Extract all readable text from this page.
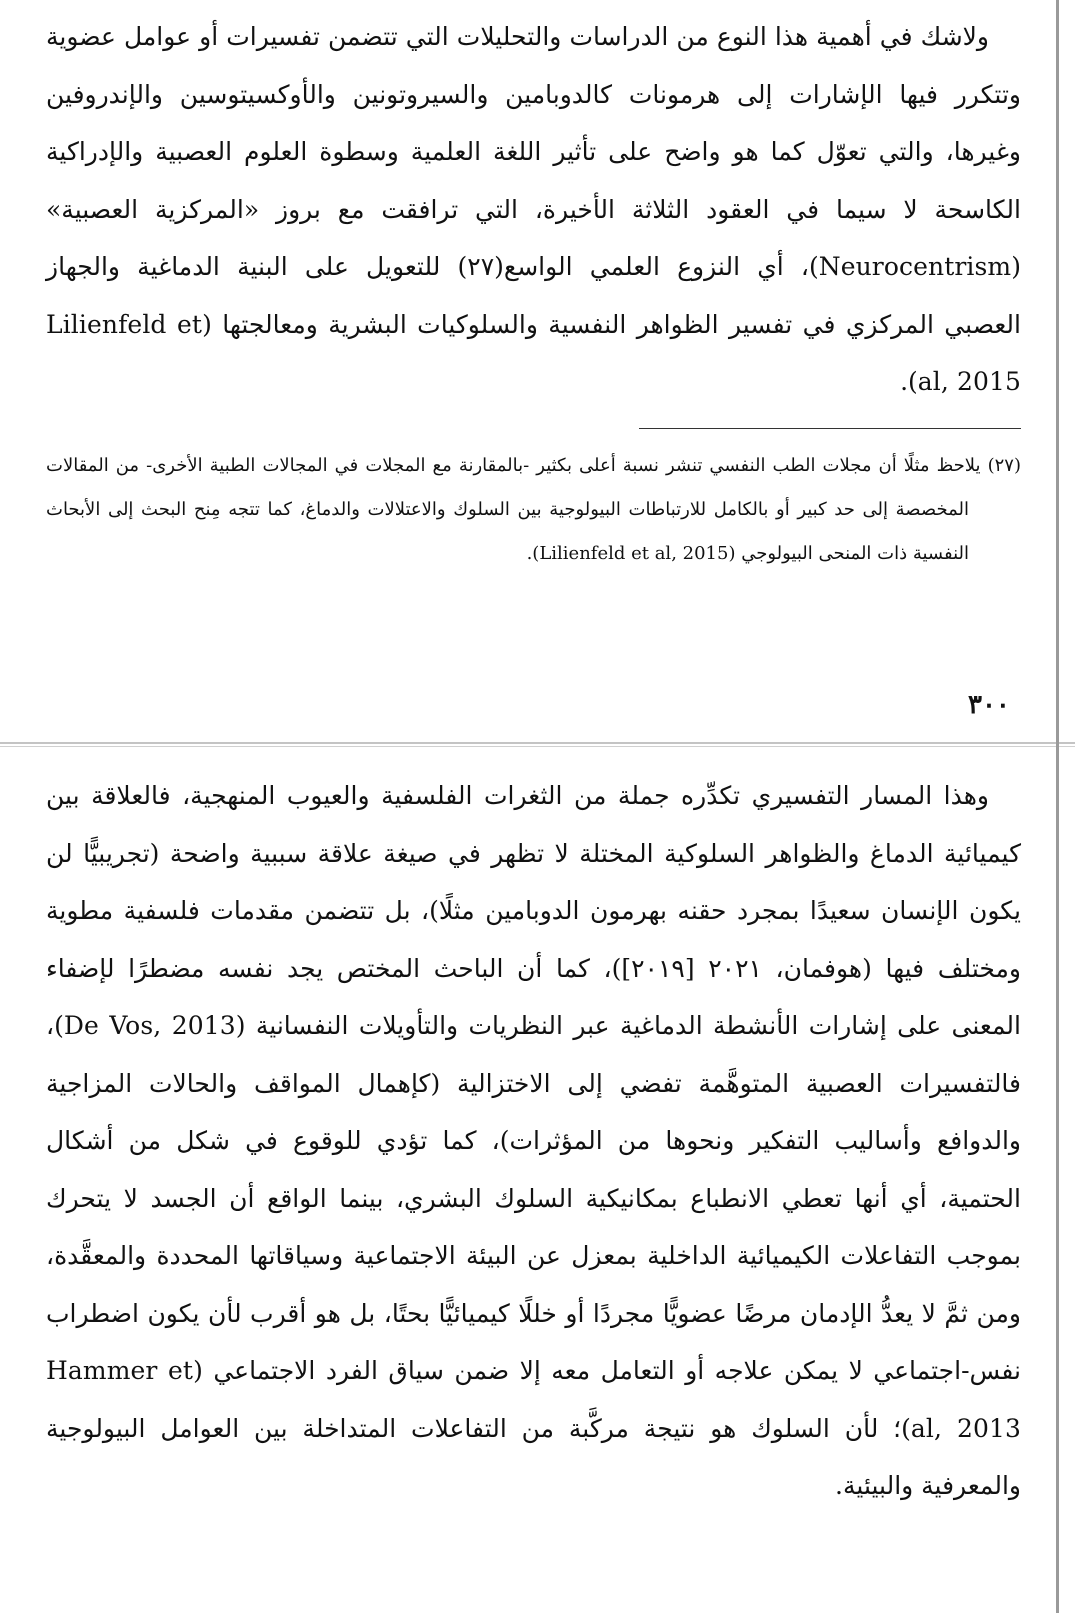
ولاشك في أهمية هذا النوع من الدراسات والتحليلات التي تتضمن تفسيرات أو عوامل عضوية وتتكرر فيها الإشارات إلى هرمونات كالدوبامين والسيروتونين والأوكسيتوسين والإندروفين وغيرها، والتي تعوّل كما هو واضح على تأثير اللغة العلمية وسطوة العلوم العصبية والإدراكية الكاسحة لا سيما في العقود الثلاثة الأخيرة، التي ترافقت مع بروز «المركزية العصبية» (Neurocentrism)، أي النزوع العلمي الواسع(٢٧) للتعويل على البنية الدماغية والجهاز العصبي المركزي في تفسير الظواهر النفسية والسلوكيات البشرية ومعالجتها (Lilienfeld et al, 2015).

(٢٧) يلاحظ مثلًا أن مجلات الطب النفسي تنشر نسبة أعلى بكثير -بالمقارنة مع المجلات في المجالات الطبية الأخرى- من المقالات المخصصة إلى حد كبير أو بالكامل للارتباطات البيولوجية بين السلوك والاعتلالات والدماغ، كما تتجه مِنح البحث إلى الأبحاث النفسية ذات المنحى البيولوجي (Lilienfeld et al, 2015).

٣٠٠

وهذا المسار التفسيري تكدِّره جملة من الثغرات الفلسفية والعيوب المنهجية، فالعلاقة بين كيميائية الدماغ والظواهر السلوكية المختلة لا تظهر في صيغة علاقة سببية واضحة (تجريبيًّا لن يكون الإنسان سعيدًا بمجرد حقنه بهرمون الدوبامين مثلًا)، بل تتضمن مقدمات فلسفية مطوية ومختلف فيها (هوفمان، ٢٠٢١ [٢٠١٩])، كما أن الباحث المختص يجد نفسه مضطرًا لإضفاء المعنى على إشارات الأنشطة الدماغية عبر النظريات والتأويلات النفسانية (De Vos, 2013)، فالتفسيرات العصبية المتوهَّمة تفضي إلى الاختزالية (كإهمال المواقف والحالات المزاجية والدوافع وأساليب التفكير ونحوها من المؤثرات)، كما تؤدي للوقوع في شكل من أشكال الحتمية، أي أنها تعطي الانطباع بمكانيكية السلوك البشري، بينما الواقع أن الجسد لا يتحرك بموجب التفاعلات الكيميائية الداخلية بمعزل عن البيئة الاجتماعية وسياقاتها المحددة والمعقَّدة، ومن ثمَّ لا يعدُّ الإدمان مرضًا عضويًّا مجردًا أو خللًا كيميائيًّا بحتًا، بل هو أقرب لأن يكون اضطراب نفس-اجتماعي لا يمكن علاجه أو التعامل معه إلا ضمن سياق الفرد الاجتماعي (Hammer et al, 2013)؛ لأن السلوك هو نتيجة مركَّبة من التفاعلات المتداخلة بين العوامل البيولوجية والمعرفية والبيئية.
